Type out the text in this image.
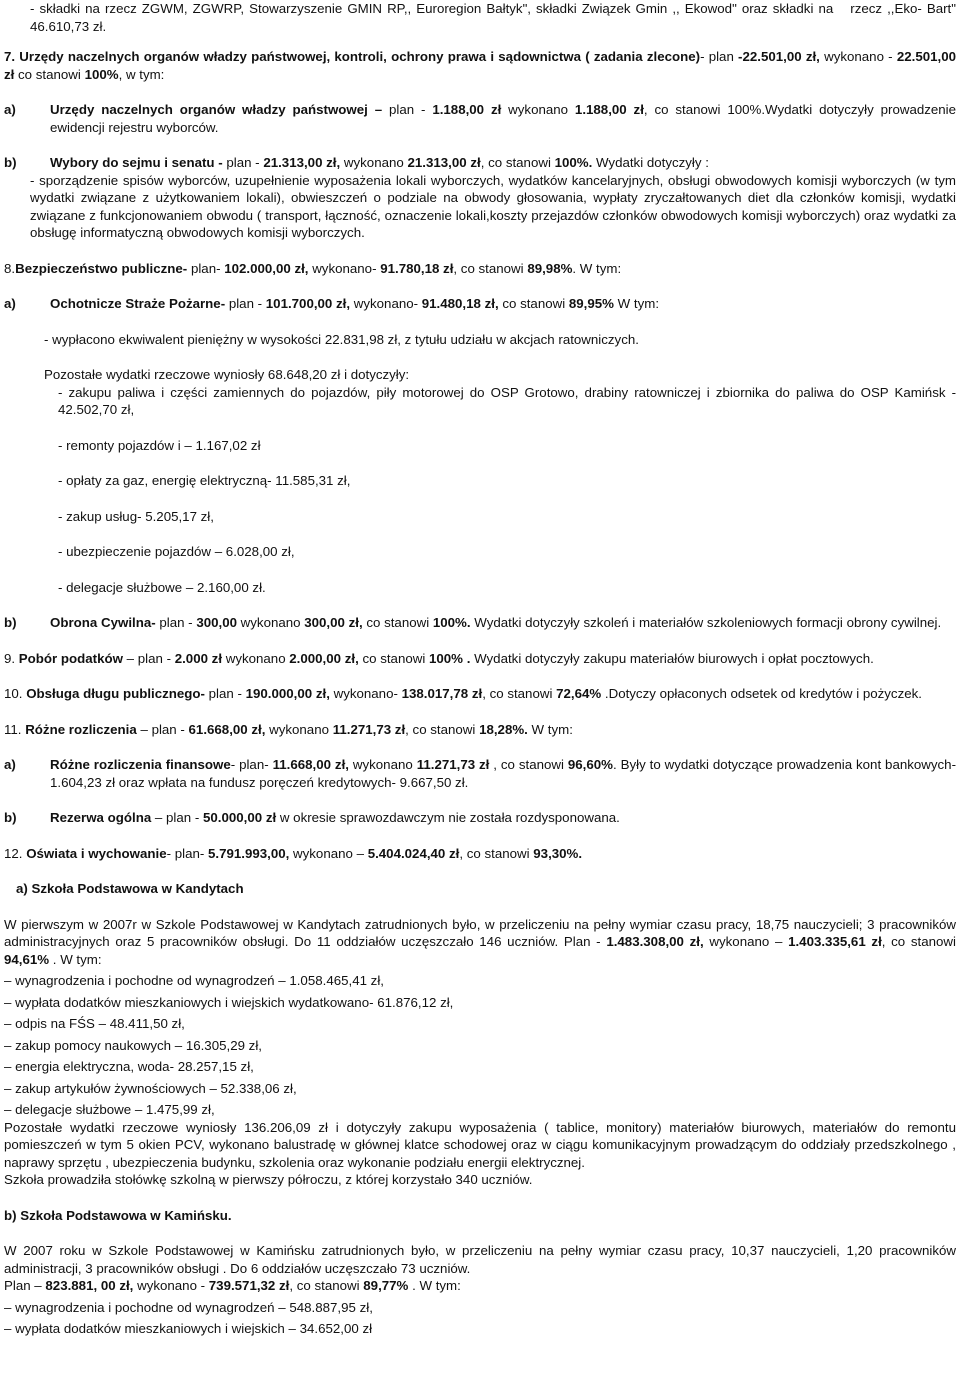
- składki na rzecz ZGWM, ZGWRP, Stowarzyszenie GMIN RP,, Euroregion Bałtyk", składki Związek Gmin ,, Ekowod" oraz składki na rzecz ,,Eko- Bart" 46.610,73 zł.

7. Urzędy naczelnych organów władzy państwowej, kontroli, ochrony prawa i sądownictwa ( zadania zlecone)- plan -22.501,00 zł, wykonano - 22.501,00 zł co stanowi 100%, w tym:

a)	Urzędy naczelnych organów władzy państwowej – plan - 1.188,00 zł wykonano 1.188,00 zł, co stanowi 100%.Wydatki dotyczyły prowadzenie ewidencji rejestru wyborców.
b)	Wybory do sejmu i senatu - plan - 21.313,00 zł, wykonano 21.313,00 zł, co stanowi 100%. Wydatki dotyczyły :

- sporządzenie spisów wyborców, uzupełnienie wyposażenia lokali wyborczych, wydatków kancelaryjnych, obsługi obwodowych komisji wyborczych (w tym wydatki związane z użytkowaniem lokali), obwieszczeń o podziale na obwody głosowania, wypłaty zryczałtowanych diet dla członków komisji, wydatki związane z funkcjonowaniem obwodu ( transport, łączność, oznaczenie lokali,koszty przejazdów członków obwodowych komisji wyborczych) oraz wydatki za obsługę informatyczną obwodowych komisji wyborczych.

8.Bezpieczeństwo publiczne- plan- 102.000,00 zł, wykonano- 91.780,18 zł, co stanowi 89,98%. W tym:

a)	Ochotnicze Straże Pożarne- plan - 101.700,00 zł, wykonano- 91.480,18 zł, co stanowi 89,95% W tym:

- wypłacono ekwiwalent pieniężny w wysokości 22.831,98 zł, z tytułu udziału w akcjach ratowniczych.

Pozostałe wydatki rzeczowe wyniosły 68.648,20 zł i dotyczyły:

- zakupu paliwa i części zamiennych do pojazdów, piły motorowej do OSP Grotowo, drabiny ratowniczej i zbiornika do paliwa do OSP Kamińsk - 42.502,70 zł,
- remonty pojazdów i – 1.167,02 zł
- opłaty za gaz, energię elektryczną- 11.585,31 zł,
- zakup usług- 5.205,17 zł,
- ubezpieczenie pojazdów – 6.028,00 zł,
- delegacje służbowe – 2.160,00 zł.
b)	Obrona Cywilna- plan - 300,00 wykonano 300,00 zł, co stanowi 100%. Wydatki dotyczyły szkoleń i materiałów szkoleniowych formacji obrony cywilnej.

9. Pobór podatków – plan - 2.000 zł wykonano 2.000,00 zł, co stanowi 100% . Wydatki dotyczyły zakupu materiałów biurowych i opłat pocztowych.

10. Obsługa długu publicznego- plan - 190.000,00 zł, wykonano- 138.017,78 zł, co stanowi 72,64% .Dotyczy opłaconych odsetek od kredytów i pożyczek.

11. Różne rozliczenia – plan - 61.668,00 zł, wykonano 11.271,73 zł, co stanowi 18,28%. W tym:

a)	Różne rozliczenia finansowe- plan- 11.668,00 zł, wykonano 11.271,73 zł , co stanowi 96,60%. Były to wydatki dotyczące prowadzenia kont bankowych- 1.604,23 zł oraz wpłata na fundusz poręczeń kredytowych- 9.667,50 zł.
b)	Rezerwa ogólna – plan - 50.000,00 zł w okresie sprawozdawczym nie została rozdysponowana.

12. Oświata i wychowanie- plan- 5.791.993,00, wykonano – 5.404.024,40 zł, co stanowi 93,30%.

a) Szkoła Podstawowa w Kandytach

W pierwszym w 2007r w Szkole Podstawowej w Kandytach zatrudnionych było, w przeliczeniu na pełny wymiar czasu pracy, 18,75 nauczycieli; 3 pracowników administracyjnych oraz 5 pracowników obsługi. Do 11 oddziałów uczęszczało 146 uczniów. Plan - 1.483.308,00 zł, wykonano – 1.403.335,61 zł, co stanowi 94,61% . W tym:

– wynagrodzenia i pochodne od wynagrodzeń – 1.058.465,41 zł,
– wypłata dodatków mieszkaniowych i wiejskich wydatkowano- 61.876,12 zł,
– odpis na FŚS – 48.411,50 zł,
– zakup pomocy naukowych – 16.305,29 zł,
– energia elektryczna, woda- 28.257,15 zł,
– zakup artykułów żywnościowych – 52.338,06 zł,
– delegacje służbowe – 1.475,99 zł,

Pozostałe wydatki rzeczowe wyniosły 136.206,09 zł i dotyczyły zakupu wyposażenia ( tablice, monitory) materiałów biurowych, materiałów do remontu pomieszczeń w tym 5 okien PCV, wykonano balustradę w głównej klatce schodowej oraz w ciągu komunikacyjnym prowadzącym do oddziały przedszkolnego , naprawy sprzętu , ubezpieczenia budynku, szkolenia oraz wykonanie podziału energii elektrycznej.

Szkoła prowadziła stołówkę szkolną w pierwszy półroczu, z której korzystało 340 uczniów.

b) Szkoła Podstawowa w Kamińsku.

W 2007 roku w Szkole Podstawowej w Kamińsku zatrudnionych było, w przeliczeniu na pełny wymiar czasu pracy, 10,37 nauczycieli, 1,20 pracowników administracji, 3 pracowników obsługi . Do 6 oddziałów uczęszczało 73 uczniów.

Plan – 823.881, 00 zł, wykonano - 739.571,32 zł, co stanowi 89,77% . W tym:

– wynagrodzenia i pochodne od wynagrodzeń – 548.887,95 zł,
– wypłata dodatków mieszkaniowych i wiejskich – 34.652,00 zł
